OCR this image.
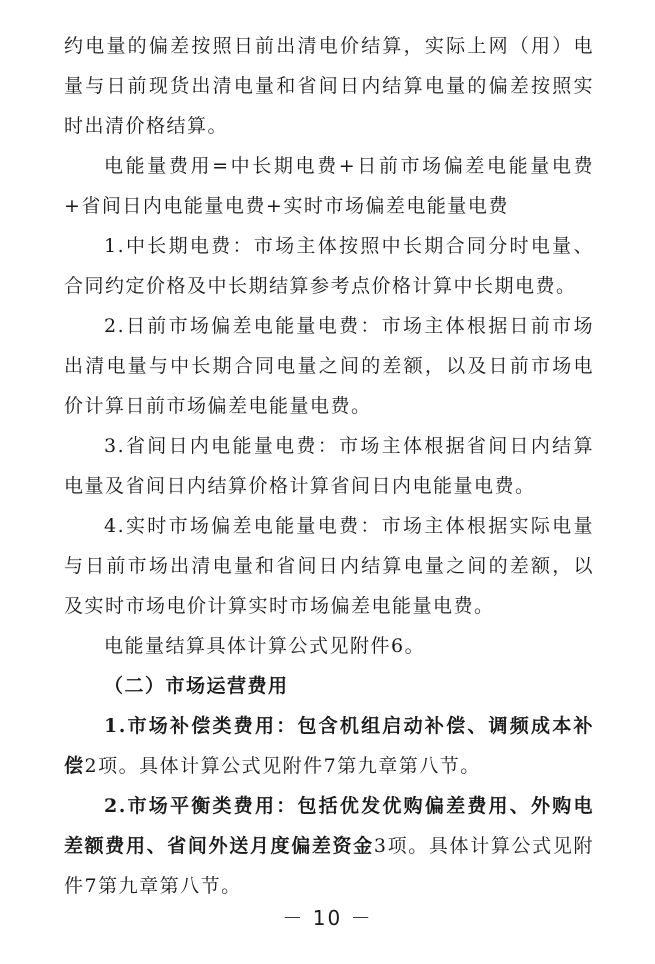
约电量的偏差按照日前出清电价结算，实际上网（用）电量与日前现货出清电量和省间日内结算电量的偏差按照实时出清价格结算。

电能量费用=中长期电费+日前市场偏差电能量电费+省间日内电能量电费+实时市场偏差电能量电费

1.中长期电费：市场主体按照中长期合同分时电量、合同约定价格及中长期结算参考点价格计算中长期电费。

2.日前市场偏差电能量电费：市场主体根据日前市场出清电量与中长期合同电量之间的差额，以及日前市场电价计算日前市场偏差电能量电费。

3.省间日内电能量电费：市场主体根据省间日内结算电量及省间日内结算价格计算省间日内电能量电费。

4.实时市场偏差电能量电费：市场主体根据实际电量与日前市场出清电量和省间日内结算电量之间的差额，以及实时市场电价计算实时市场偏差电能量电费。

电能量结算具体计算公式见附件6。

（二）市场运营费用

1.市场补偿类费用：包含机组启动补偿、调频成本补偿2项。具体计算公式见附件7第九章第八节。

2.市场平衡类费用：包括优发优购偏差费用、外购电差额费用、省间外送月度偏差资金3项。具体计算公式见附件7第九章第八节。

－ 10 －
